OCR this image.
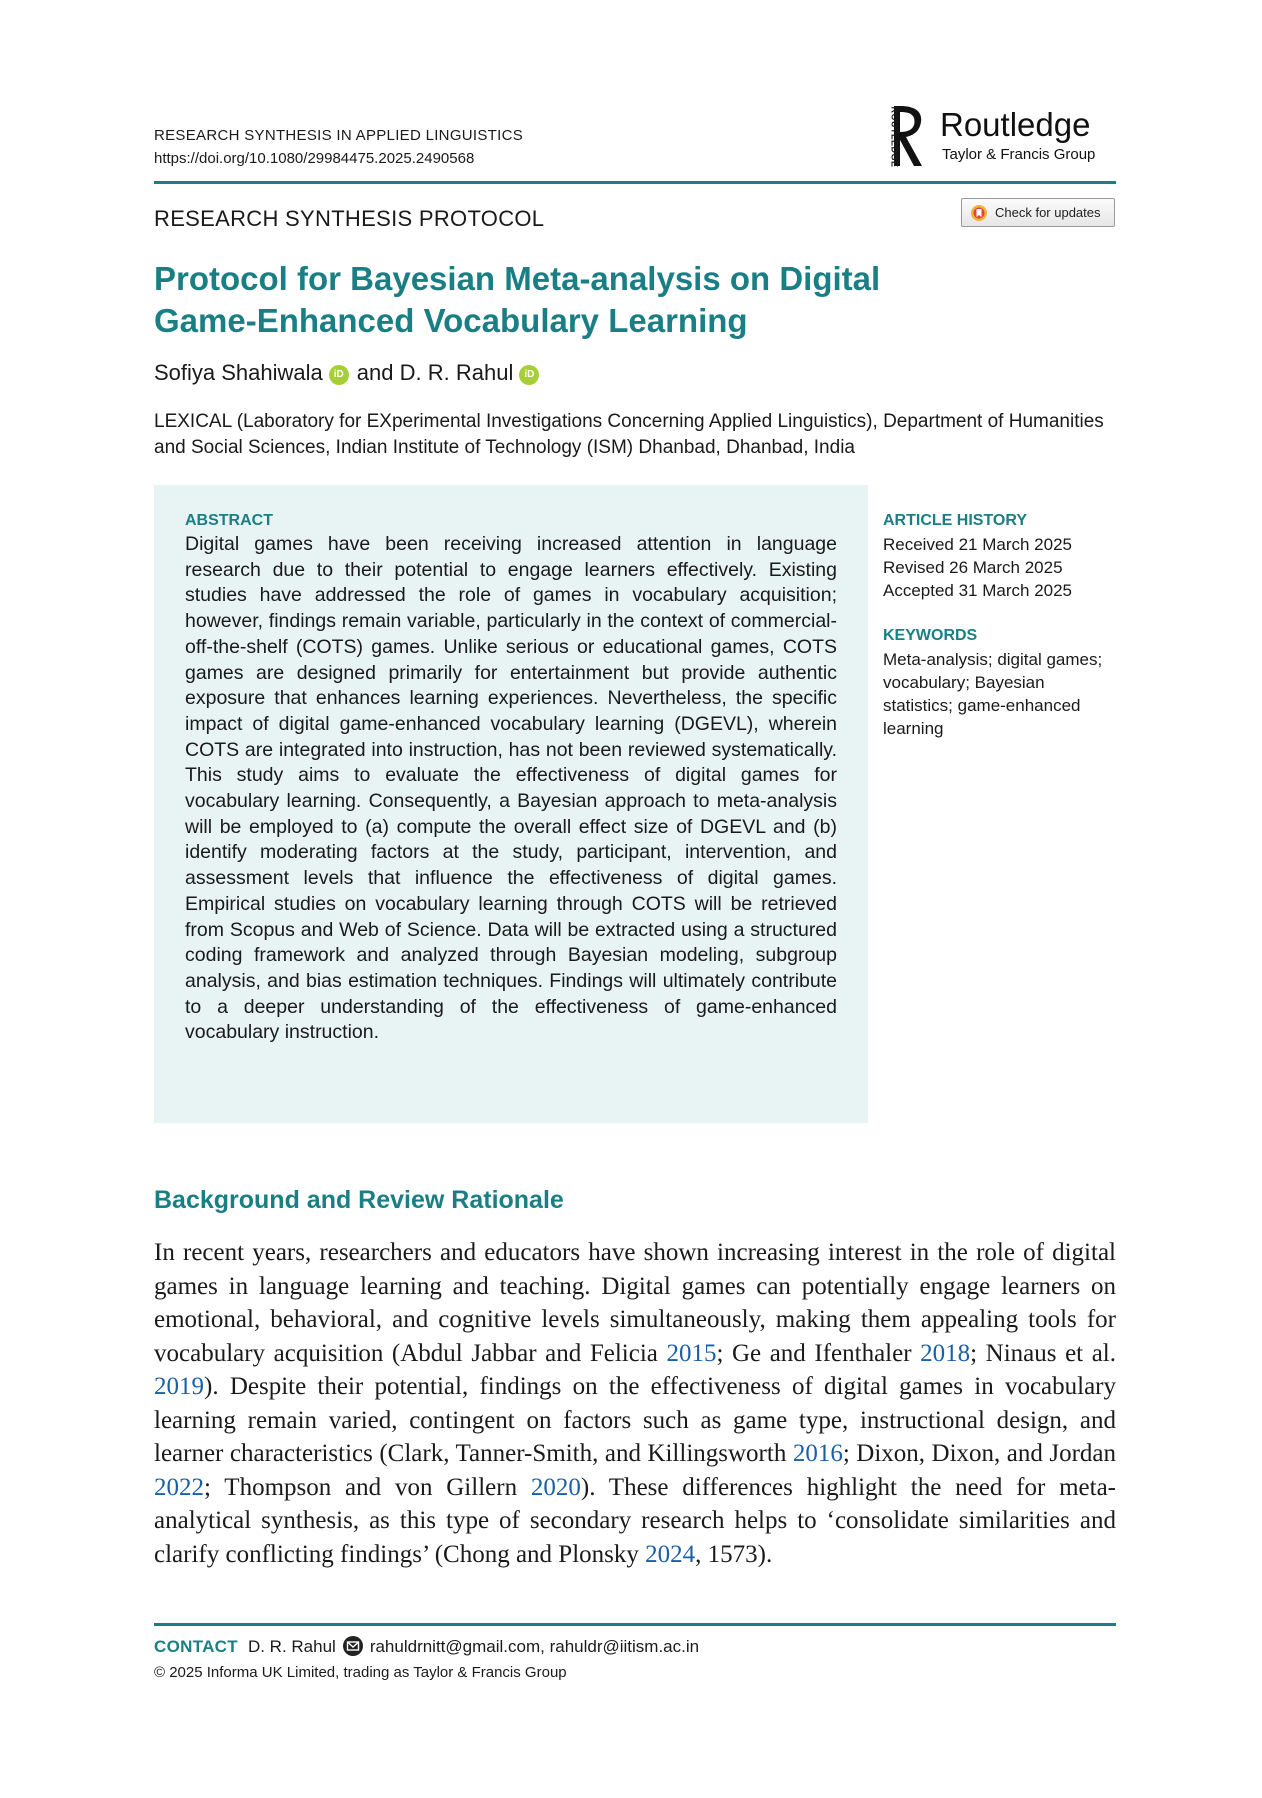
RESEARCH SYNTHESIS IN APPLIED LINGUISTICS
https://doi.org/10.1080/29984475.2025.2490568	ROUTLEDGE Routledge
Taylor & Francis Group
RESEARCH SYNTHESIS PROTOCOL	Check for updates
Protocol for Bayesian Meta-analysis on Digital Game-Enhanced Vocabulary Learning
Sofiya Shahiwala iD and D. R. Rahul iD
LEXICAL (Laboratory for EXperimental Investigations Concerning Applied Linguistics), Department of Humanities and Social Sciences, Indian Institute of Technology (ISM) Dhanbad, Dhanbad, India
ABSTRACT

Digital games have been receiving increased attention in language research due to their potential to engage learners effectively. Existing studies have addressed the role of games in vocabulary acquisition; however, findings remain variable, particularly in the context of commercial-off-the-shelf (COTS) games. Unlike serious or educational games, COTS games are designed primarily for entertainment but provide authentic exposure that enhances learning experiences. Nevertheless, the specific impact of digital game-enhanced vocabulary learning (DGEVL), wherein COTS are integrated into instruction, has not been reviewed systematically. This study aims to evaluate the effectiveness of digital games for vocabulary learning. Consequently, a Bayesian approach to meta-analysis will be employed to (a) compute the overall effect size of DGEVL and (b) identify moderating factors at the study, participant, intervention, and assessment levels that influence the effectiveness of digital games. Empirical studies on vocabulary learning through COTS will be retrieved from Scopus and Web of Science. Data will be extracted using a structured coding framework and analyzed through Bayesian modeling, subgroup analysis, and bias estimation techniques. Findings will ultimately contribute to a deeper understanding of the effectiveness of game-enhanced vocabulary instruction.

ARTICLE HISTORY
Received 21 March 2025
Revised 26 March 2025
Accepted 31 March 2025
KEYWORDS
Meta-analysis; digital games; vocabulary; Bayesian statistics; game-enhanced learning
Background and Review Rationale

In recent years, researchers and educators have shown increasing interest in the role of digital games in language learning and teaching. Digital games can potentially engage learners on emotional, behavioral, and cognitive levels simultaneously, making them appealing tools for vocabulary acquisition (Abdul Jabbar and Felicia 2015; Ge and Ifenthaler 2018; Ninaus et al. 2019). Despite their potential, findings on the effectiveness of digital games in vocabulary learning remain varied, contingent on factors such as game type, instructional design, and learner characteristics (Clark, Tanner-Smith, and Killingsworth 2016; Dixon, Dixon, and Jordan 2022; Thompson and von Gillern 2020). These differences highlight the need for meta-analytical synthesis, as this type of secondary research helps to ‘consolidate similarities and clarify conflicting findings’ (Chong and Plonsky 2024, 1573).

CONTACT D. R. Rahul rahuldrnitt@gmail.com, rahuldr@iitism.ac.in
© 2025 Informa UK Limited, trading as Taylor & Francis Group
